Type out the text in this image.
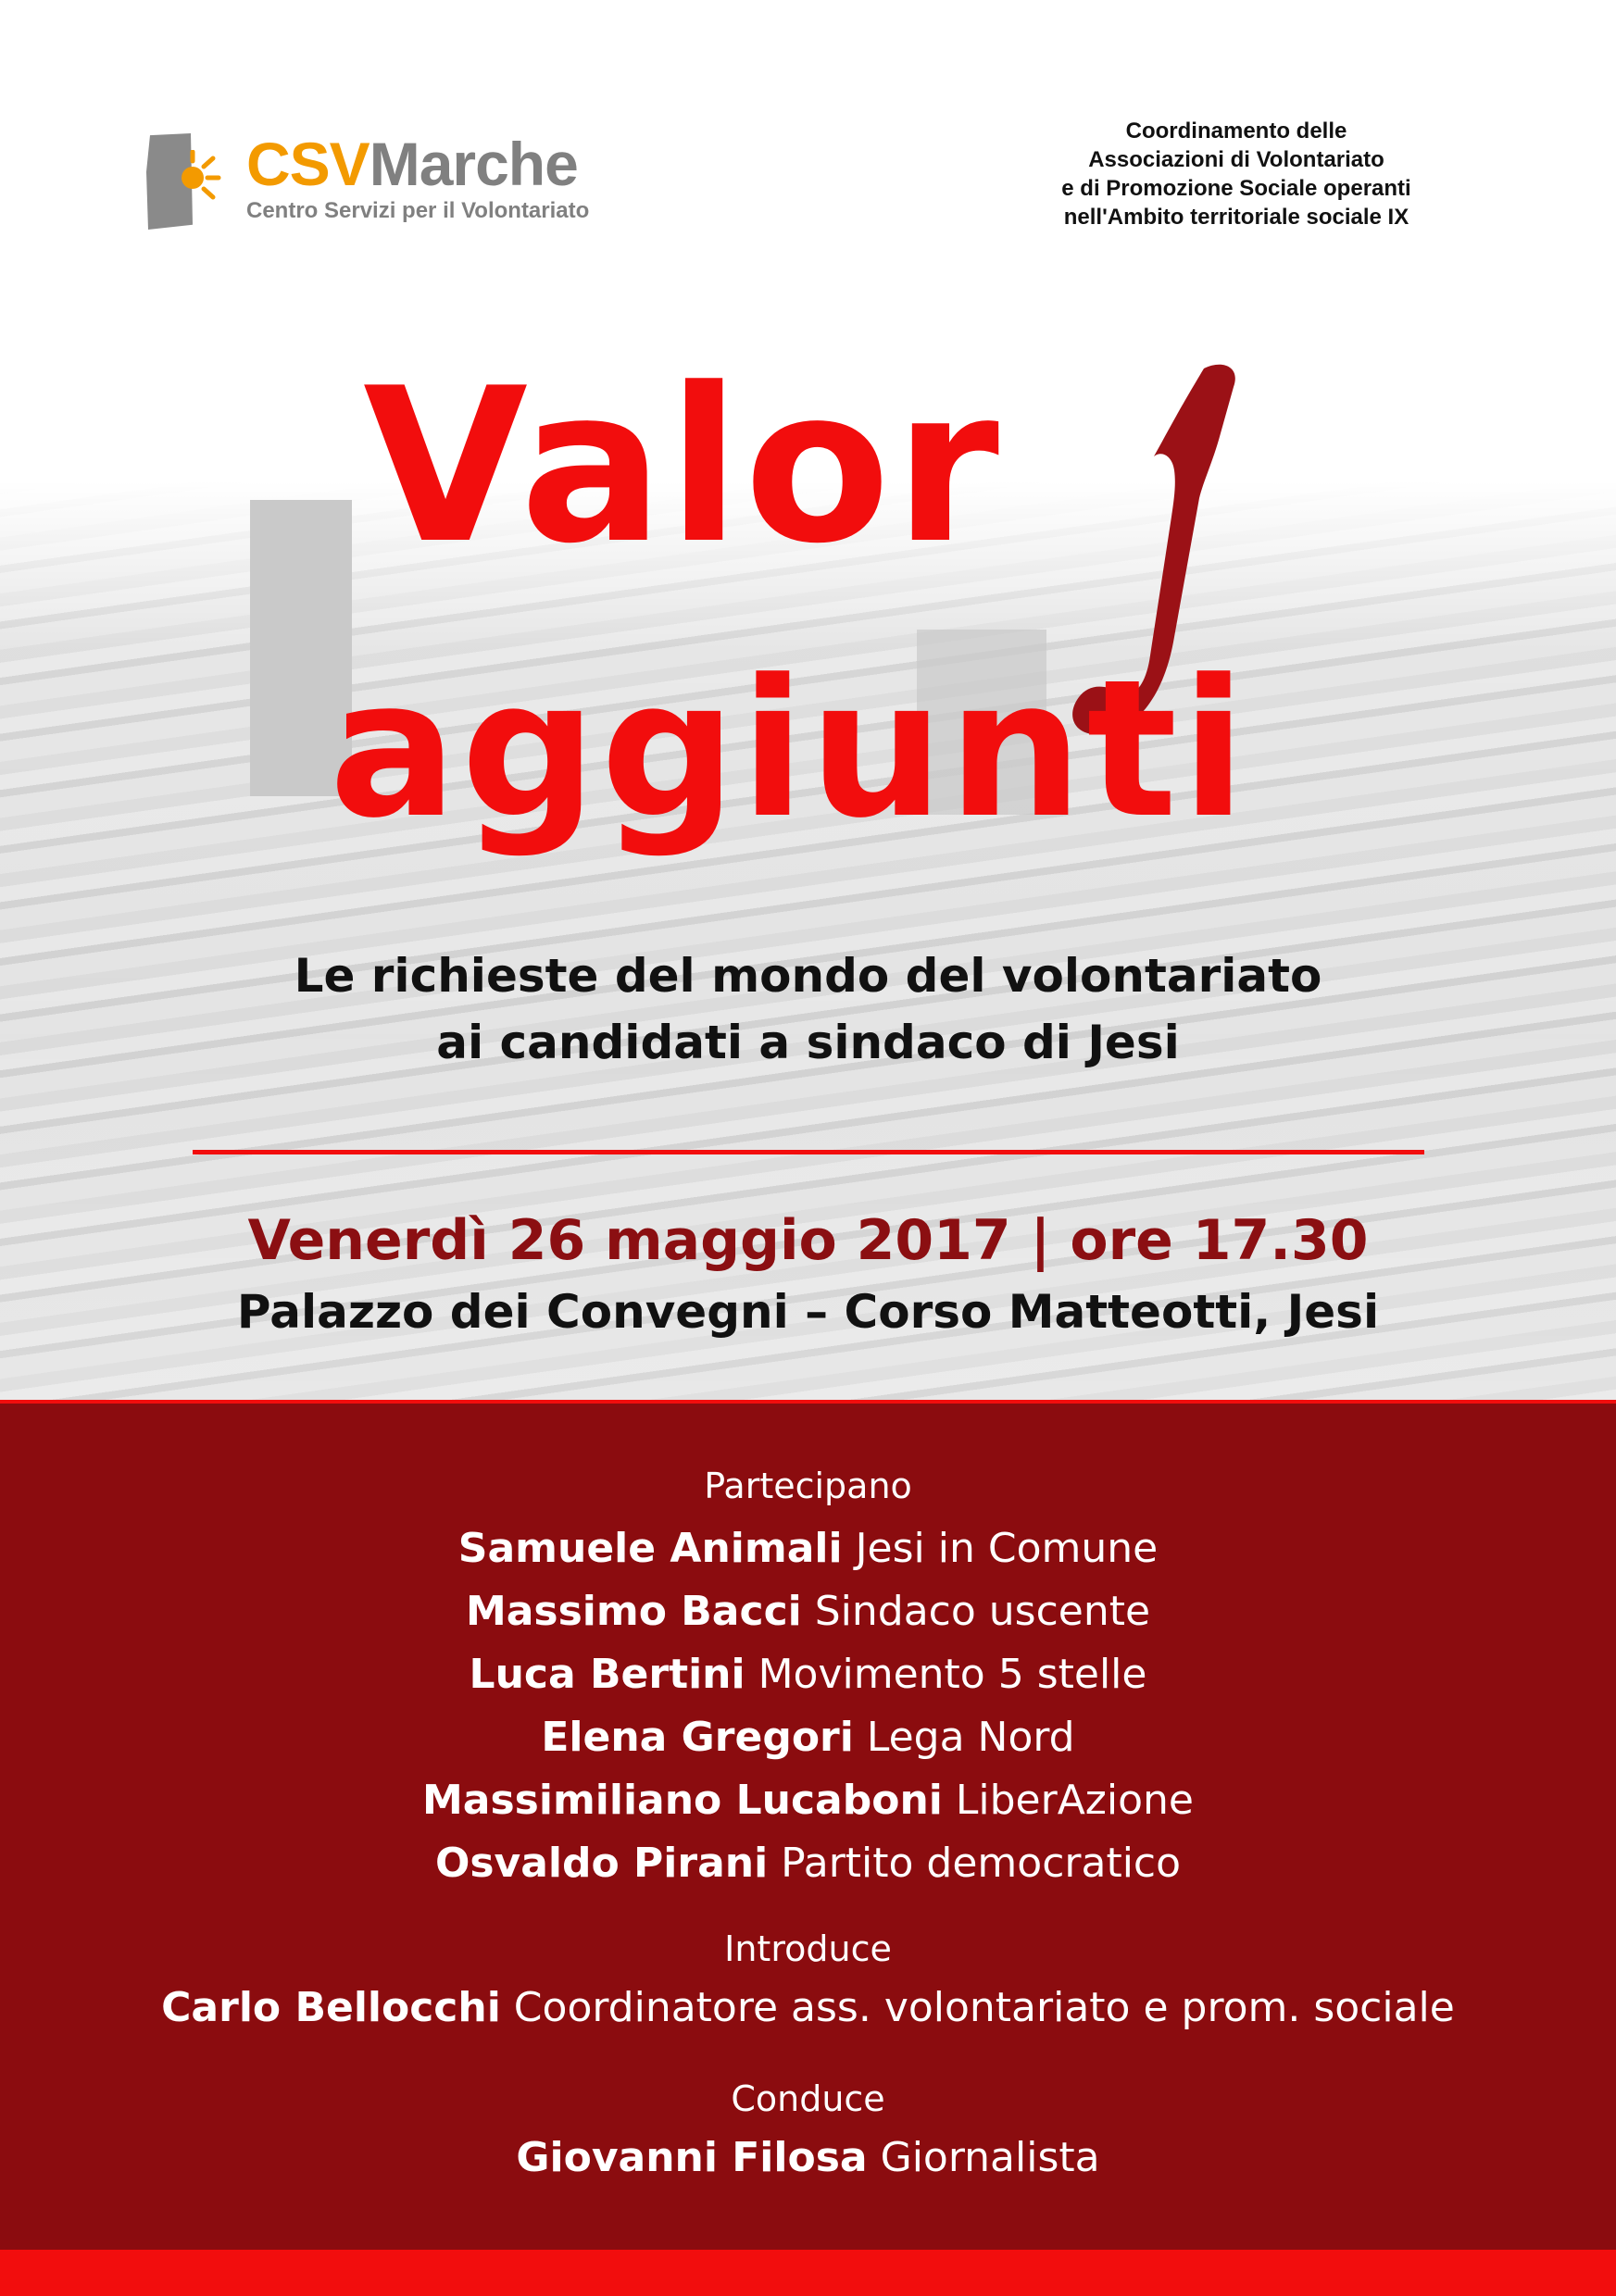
CSVMarche
Centro Servizi per il Volontariato
Coordinamento delle
Associazioni di Volontariato
e di Promozione Sociale operanti
nell'Ambito territoriale sociale IX
Valor	j
aggiunti
Le richieste del mondo del volontariato
ai candidati a sindaco di Jesi
Venerdì 26 maggio 2017 | ore 17.30
Palazzo dei Convegni – Corso Matteotti, Jesi
Partecipano
Samuele Animali Jesi in Comune
Massimo Bacci Sindaco uscente
Luca Bertini Movimento 5 stelle
Elena Gregori Lega Nord
Massimiliano Lucaboni LiberAzione
Osvaldo Pirani Partito democratico
Introduce
Carlo Bellocchi Coordinatore ass. volontariato e prom. sociale
Conduce
Giovanni Filosa Giornalista
